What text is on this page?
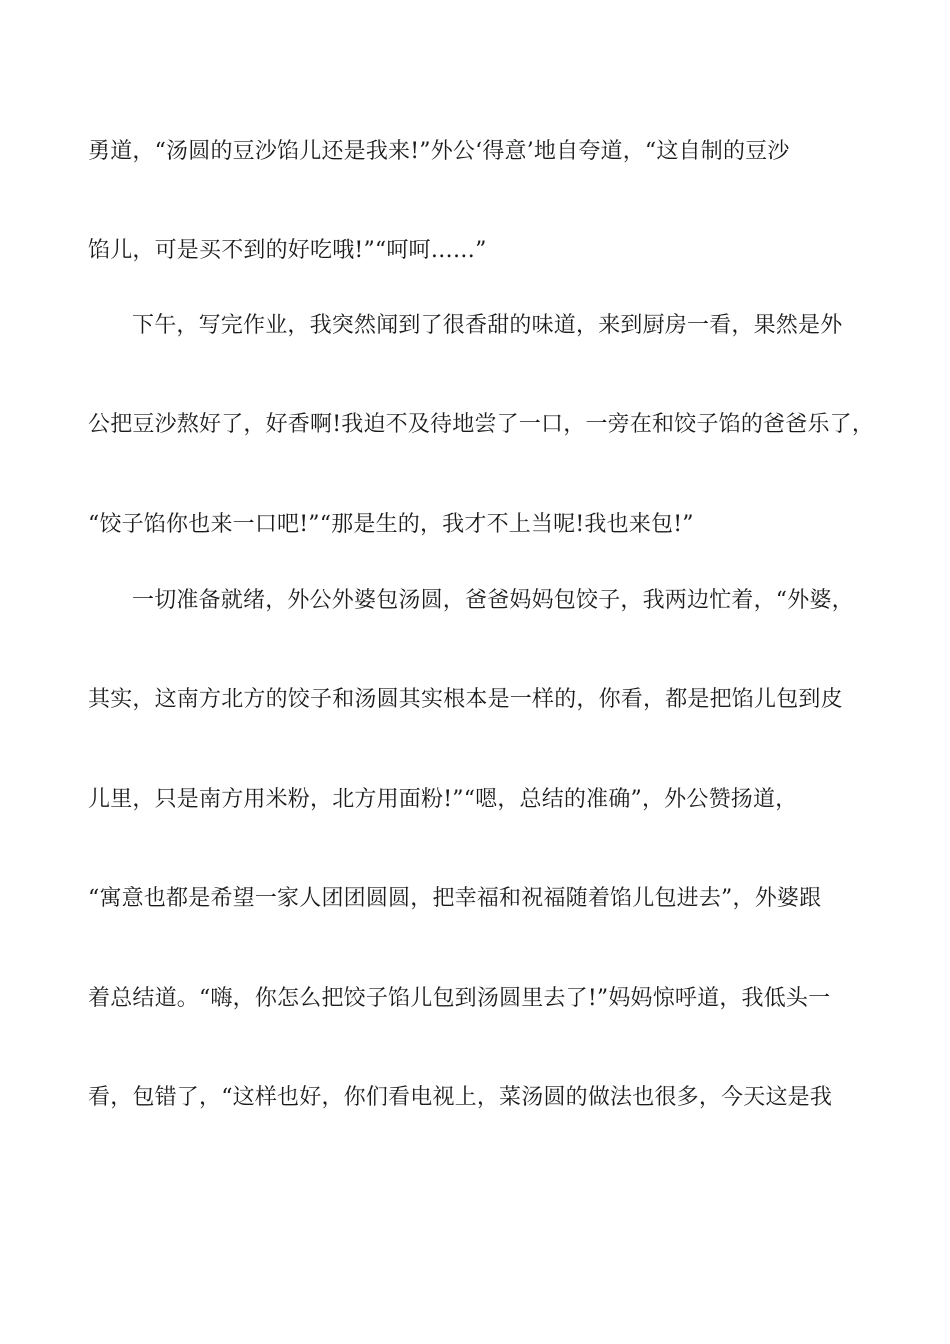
勇道，“汤圆的豆沙馅儿还是我来!”外公‘得意’地自夸道，“这自制的豆沙
馅儿，可是买不到的好吃哦!”“呵呵……”
下午，写完作业，我突然闻到了很香甜的味道，来到厨房一看，果然是外
公把豆沙熬好了，好香啊!我迫不及待地尝了一口，一旁在和饺子馅的爸爸乐了，
“饺子馅你也来一口吧!”“那是生的，我才不上当呢!我也来包!”
一切准备就绪，外公外婆包汤圆，爸爸妈妈包饺子，我两边忙着，“外婆，
其实，这南方北方的饺子和汤圆其实根本是一样的，你看，都是把馅儿包到皮
儿里，只是南方用米粉，北方用面粉!”“嗯，总结的准确”，外公赞扬道，
“寓意也都是希望一家人团团圆圆，把幸福和祝福随着馅儿包进去”，外婆跟
着总结道。“嗨，你怎么把饺子馅儿包到汤圆里去了!”妈妈惊呼道，我低头一
看，包错了，“这样也好，你们看电视上，菜汤圆的做法也很多，今天这是我
